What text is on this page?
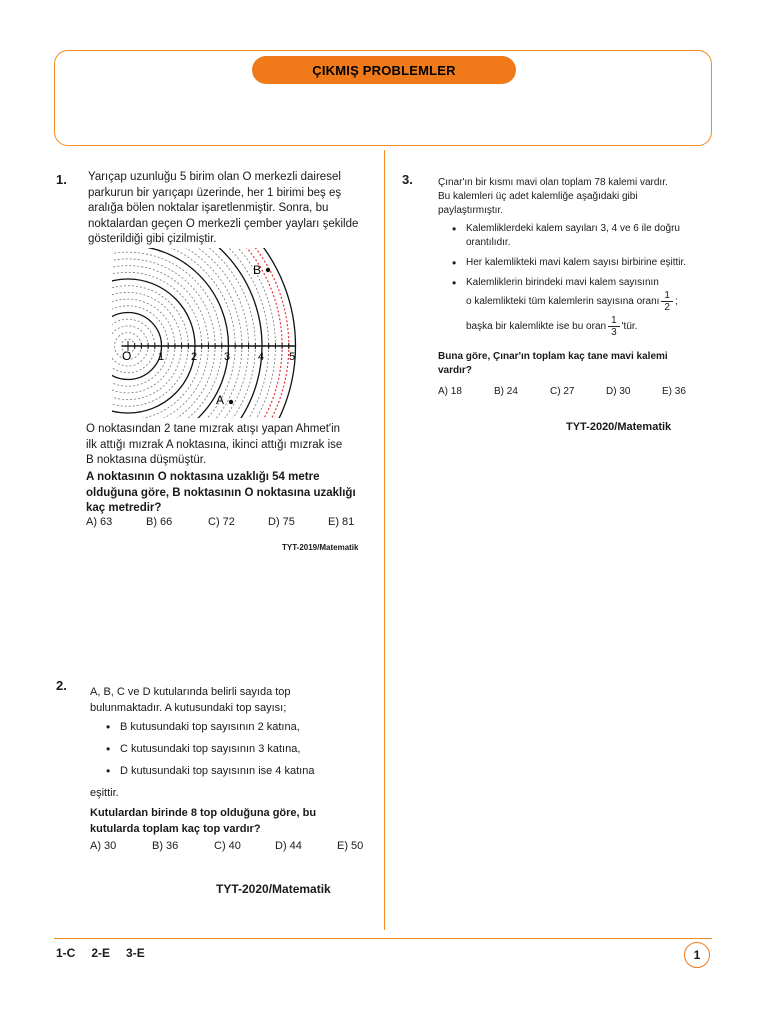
ÇIKMIŞ PROBLEMLER
1. Yarıçap uzunluğu 5 birim olan O merkezli dairesel
parkurun bir yarıçapı üzerinde, her 1 birimi beş eş
aralığa bölen noktalar işaretlenmiştir. Sonra, bu
noktalardan geçen O merkezli çember yayları şekilde
gösterildiği gibi çizilmiştir.
O 1 2 3	4 5
B
A
O noktasından 2 tane mızrak atışı yapan Ahmet'in
ilk attığı mızrak A noktasına, ikinci attığı mızrak ise
B noktasına düşmüştür.
A noktasının O noktasına uzaklığı 54 metre
olduğuna göre, B noktasının O noktasına uzaklığı
kaç metredir?
A) 63	B) 66	C) 72	D) 75	E) 81
TYT-2019/Matematik
2. A, B, C ve D kutularında belirli sayıda top
bulunmaktadır. A kutusundaki top sayısı;
• B kutusundaki top sayısının 2 katına,
• C kutusundaki top sayısının 3 katına,
• D kutusundaki top sayısının ise 4 katına
eşittir.
Kutulardan birinde 8 top olduğuna göre, bu
kutularda toplam kaç top vardır?
A) 30	B) 36	C) 40	D) 44	E) 50
TYT-2020/Matematik
3.	Çınar'ın bir kısmı mavi olan toplam 78 kalemi vardır.
Bu kalemleri üç adet kalemliğe aşağıdaki gibi
paylaştırmıştır.
• Kalemliklerdeki kalem sayıları 3, 4 ve 6 ile doğru
orantılıdır.
• Her kalemlikteki mavi kalem sayısı birbirine eşittir.
• Kalemliklerin birindeki mavi kalem sayısının
o kalemlikteki tüm kalemlerin sayısına oranı $\frac{1}{2}$ ;
başka bir kalemlikte ise bu oran $\frac{1}{3}$ 'tür.
Buna göre, Çınar'ın toplam kaç tane mavi kalemi
vardır?
A) 18	B) 24	C) 27	D) 30	E) 36
TYT-2020/Matematik
1-C 2-E 3-E	1
